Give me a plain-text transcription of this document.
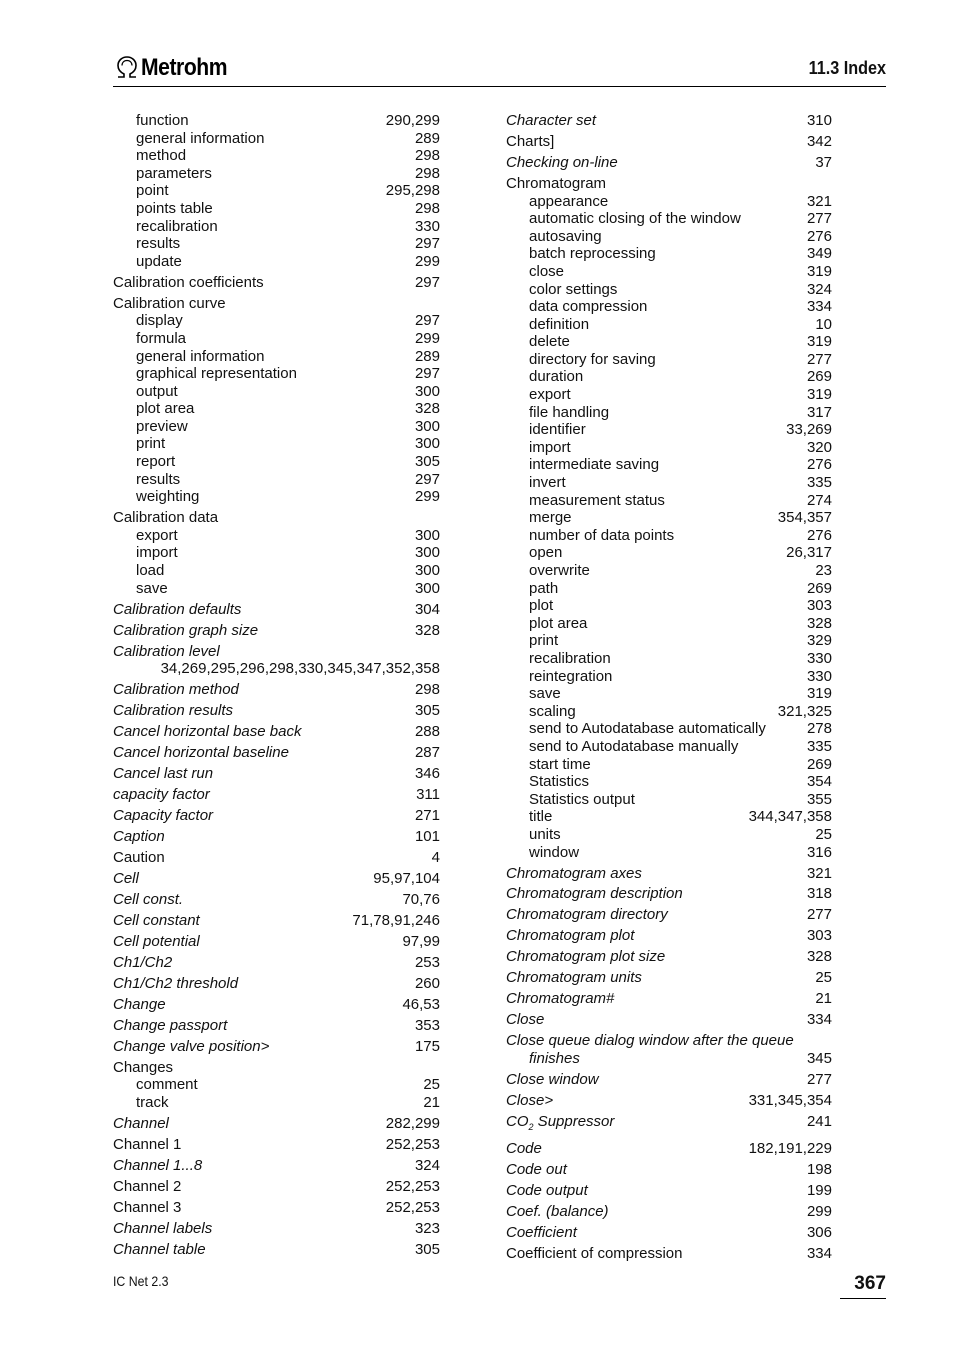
Metrohm	11.3 Index
function	290,299
general information	289
method	298
parameters	298
point	295,298
points table	298
recalibration	330
results	297
update	299
Calibration coefficients	297
Calibration curve
display	297
formula	299
general information	289
graphical representation	297
output	300
plot area	328
preview	300
print	300
report	305
results	297
weighting	299
Calibration data
export	300
import	300
load	300
save	300
Calibration defaults	304
Calibration graph size	328
Calibration level
34,269,295,296,298,330,345,347,352,358
Calibration method	298
Calibration results	305
Cancel horizontal base back	288
Cancel horizontal baseline	287
Cancel last run	346
capacity factor	311
Capacity factor	271
Caption	101
Caution	4
Cell	95,97,104
Cell const.	70,76
Cell constant	71,78,91,246
Cell potential	97,99
Ch1/Ch2	253
Ch1/Ch2 threshold	260
Change	46,53
Change passport	353
Change valve position>	175
Changes
comment	25
track	21
Channel	282,299
Channel 1	252,253
Channel 1...8	324
Channel 2	252,253
Channel 3	252,253
Channel labels	323
Channel table	305
Character set	310
Charts]	342
Checking on-line	37
Chromatogram
appearance	321
automatic closing of the window	277
autosaving	276
batch reprocessing	349
close	319
color settings	324
data compression	334
definition	10
delete	319
directory for saving	277
duration	269
export	319
file handling	317
identifier	33,269
import	320
intermediate saving	276
invert	335
measurement status	274
merge	354,357
number of data points	276
open	26,317
overwrite	23
path	269
plot	303
plot area	328
print	329
recalibration	330
reintegration	330
save	319
scaling	321,325
send to Autodatabase automatically	278
send to Autodatabase manually	335
start time	269
Statistics	354
Statistics output	355
title	344,347,358
units	25
window	316
Chromatogram axes	321
Chromatogram description	318
Chromatogram directory	277
Chromatogram plot	303
Chromatogram plot size	328
Chromatogram units	25
Chromatogram#	21
Close	334
Close queue dialog window after the queue
finishes	345
Close window	277
Close>	331,345,354
$CO_2$ Suppressor	241
Code	182,191,229
Code out	198
Code output	199
Coef. (balance)	299
Coefficient	306
Coefficient of compression	334
IC Net 2.3	367
